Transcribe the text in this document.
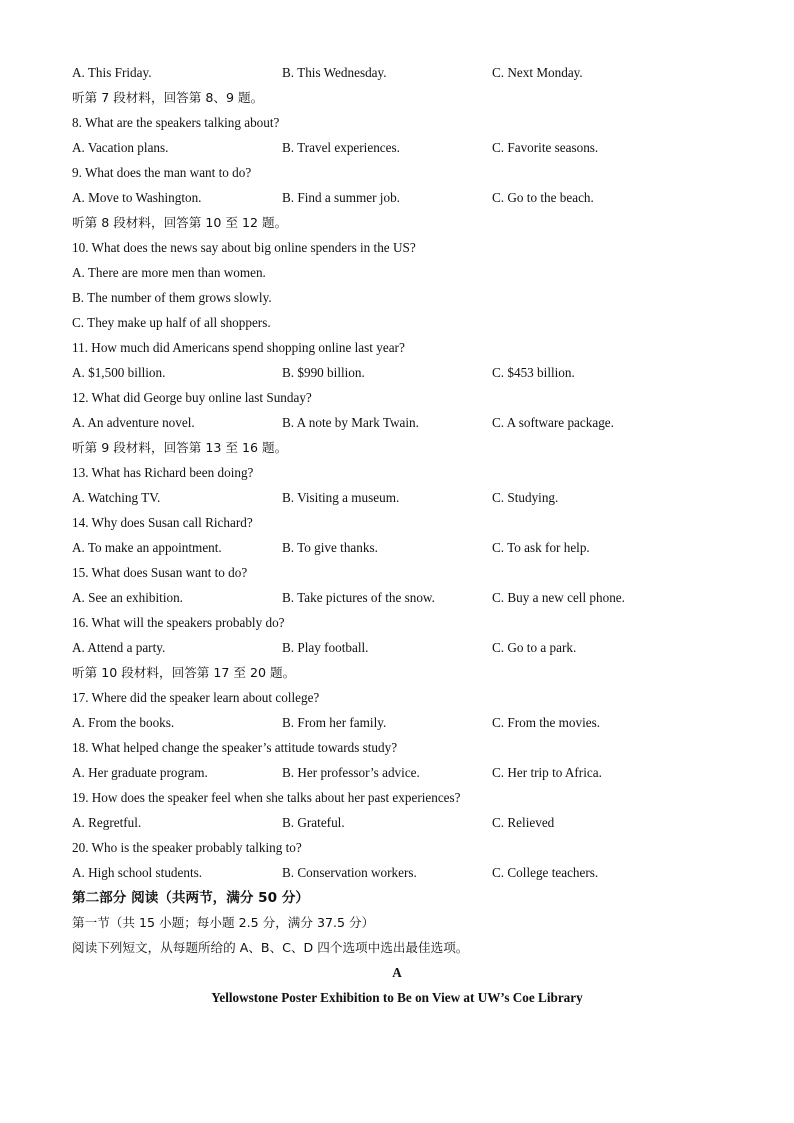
A. This Friday.	B. This Wednesday.	C. Next Monday.
听第 7 段材料，回答第 8、9 题。
8. What are the speakers talking about?
A. Vacation plans.	B. Travel experiences.	C. Favorite seasons.
9. What does the man want to do?
A. Move to Washington.	B. Find a summer job.	C. Go to the beach.
听第 8 段材料，回答第 10 至 12 题。
10. What does the news say about big online spenders in the US?
A. There are more men than women.
B. The number of them grows slowly.
C. They make up half of all shoppers.
11. How much did Americans spend shopping online last year?
A. $1,500 billion.	B. $990 billion.	C. $453 billion.
12. What did George buy online last Sunday?
A. An adventure novel.	B. A note by Mark Twain.	C. A software package.
听第 9 段材料，回答第 13 至 16 题。
13. What has Richard been doing?
A. Watching TV.	B. Visiting a museum.	C. Studying.
14. Why does Susan call Richard?
A. To make an appointment.	B. To give thanks.	C. To ask for help.
15. What does Susan want to do?
A. See an exhibition.	B. Take pictures of the snow.	C. Buy a new cell phone.
16. What will the speakers probably do?
A. Attend a party.	B. Play football.	C. Go to a park.
听第 10 段材料，回答第 17 至 20 题。
17. Where did the speaker learn about college?
A. From the books.	B. From her family.	C. From the movies.
18. What helped change the speaker’s attitude towards study?
A. Her graduate program.	B. Her professor’s advice.	C. Her trip to Africa.
19. How does the speaker feel when she talks about her past experiences?
A. Regretful.	B. Grateful.	C. Relieved
20. Who is the speaker probably talking to?
A. High school students.	B. Conservation workers.	C. College teachers.
第二部分 阅读（共两节，满分 50 分）
第一节（共 15 小题；每小题 2.5 分，满分 37.5 分）
阅读下列短文，从每题所给的 A、B、C、D 四个选项中选出最佳选项。
A
Yellowstone Poster Exhibition to Be on View at UW’s Coe Library
